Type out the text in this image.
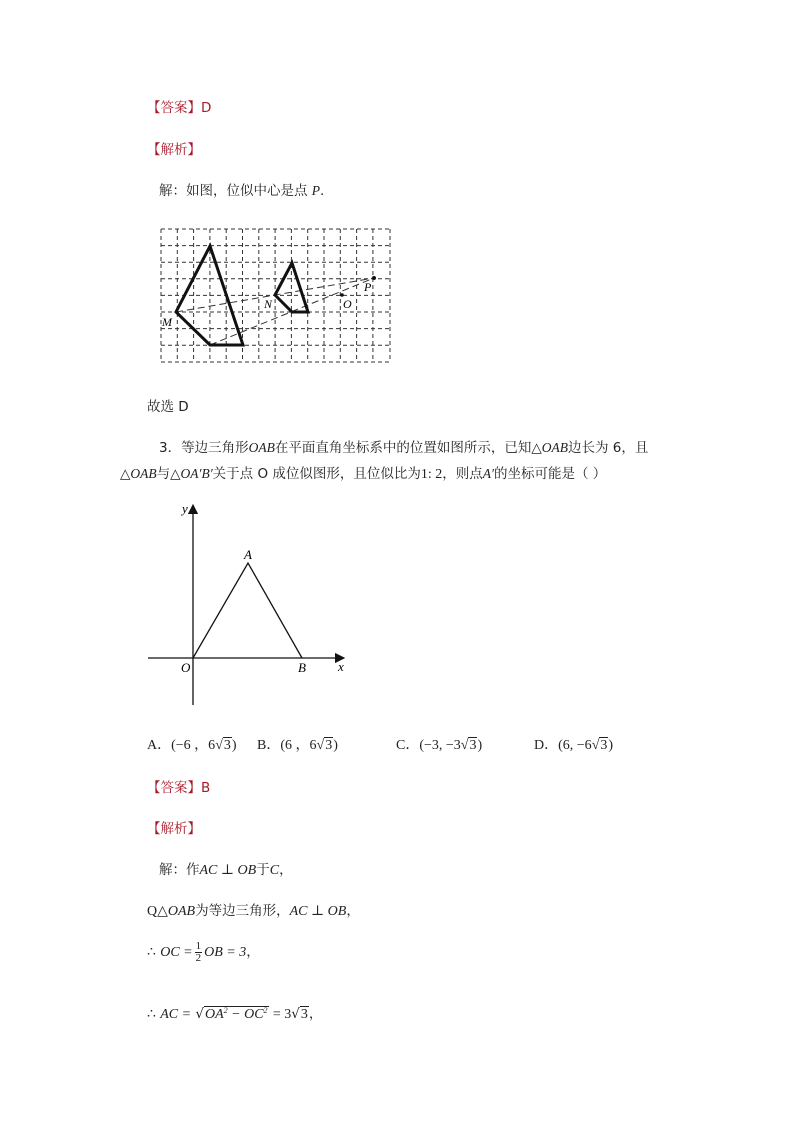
【答案】D
【解析】
解：如图，位似中心是点 P.
M
N	O
P
故选 D
3．等边三角形OAB在平面直角坐标系中的位置如图所示，已知△OAB边长为 6，且
△OAB与△OA′B′关于点 O 成位似图形，且位似比为1: 2，则点A′的坐标可能是（ ）
y
x
A
O	B
A．(−6 ，6√3) B．(6 ，6√3)	C．(−3, −3√3)	D．(6, −6√3)
【答案】B
【解析】
解：作AC ⊥ OB于C，
Q△OAB为等边三角形，AC ⊥ OB，
∴ OC = $\frac{1}{2}$ OB = 3，
∴ AC = $√OA^2 - OC^2 = 3√3$，
